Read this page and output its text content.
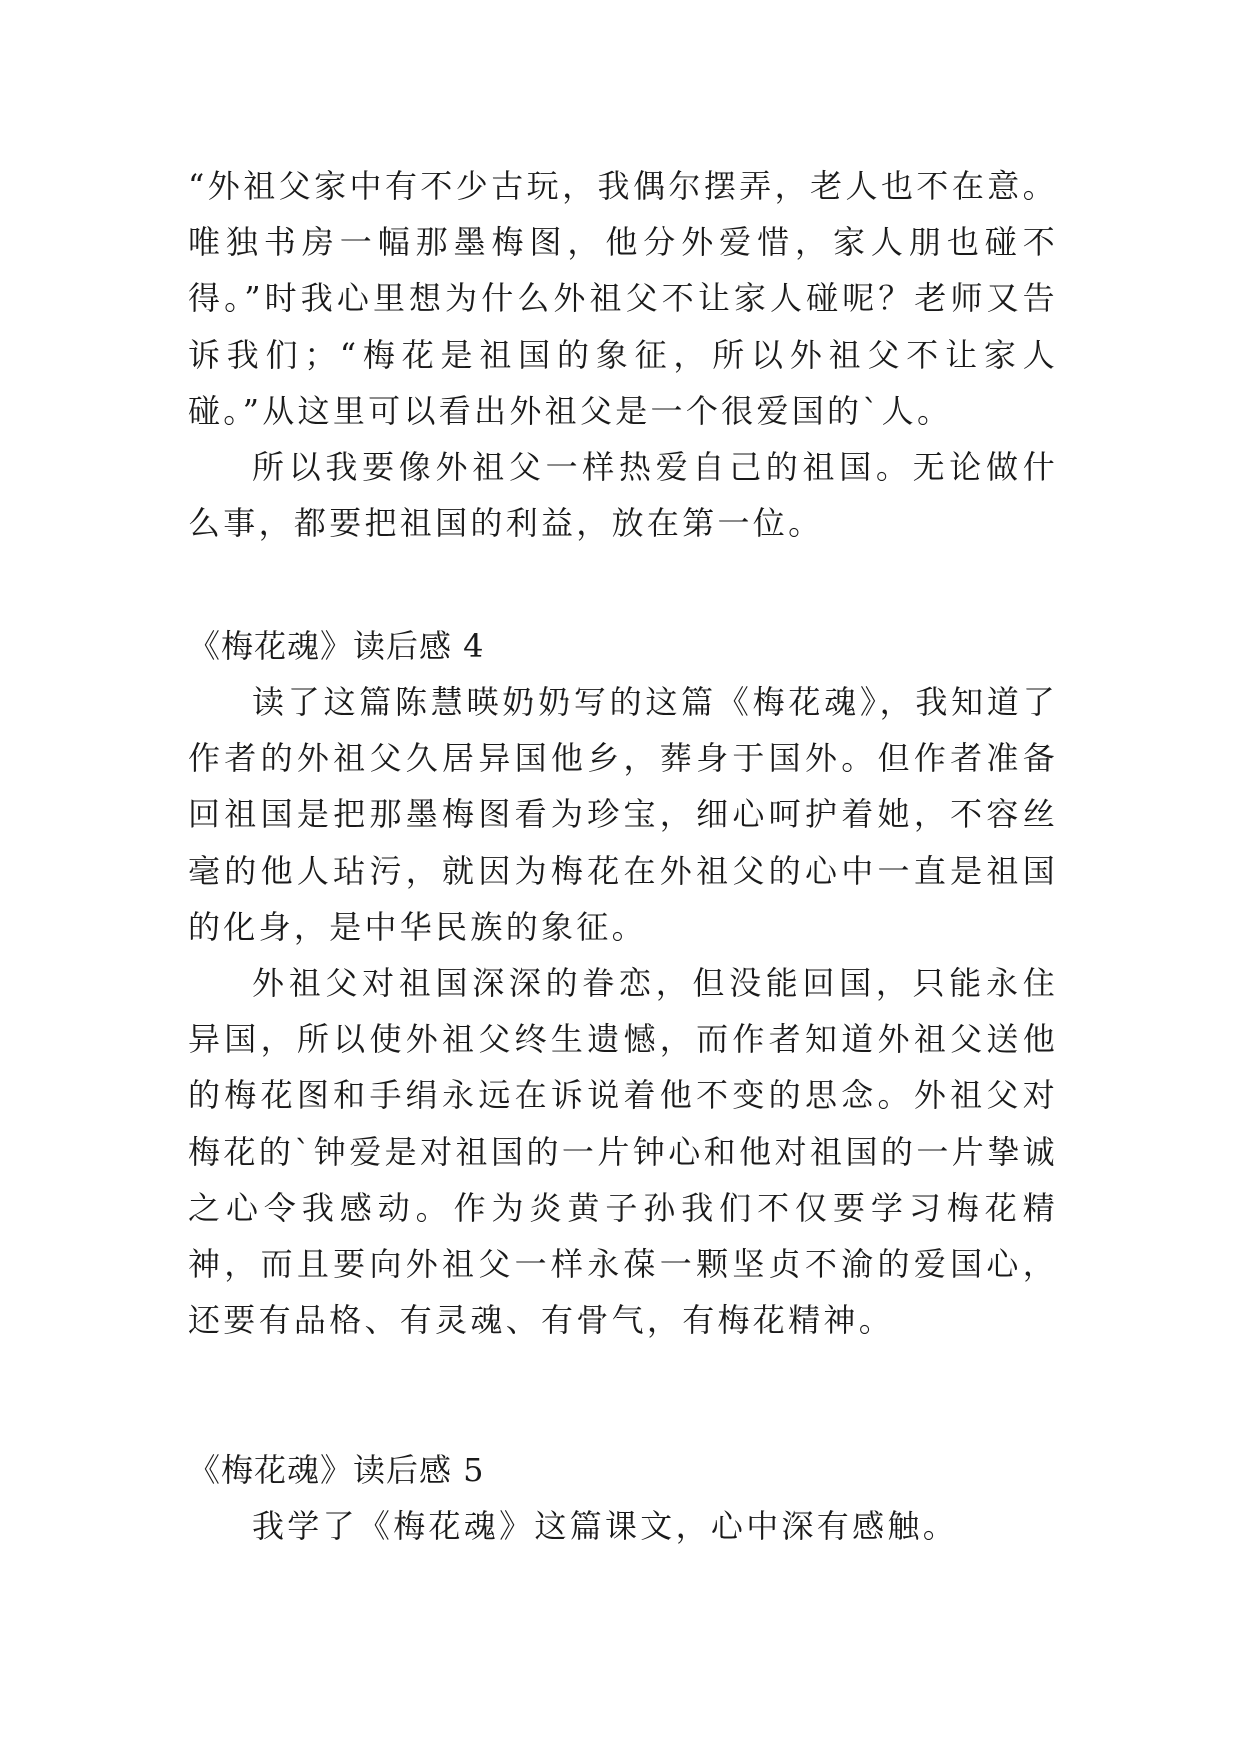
“外祖父家中有不少古玩，我偶尔摆弄，老人也不在意。唯独书房一幅那墨梅图，他分外爱惜，家人朋也碰不得。”时我心里想为什么外祖父不让家人碰呢？老师又告诉我们；“梅花是祖国的象征，所以外祖父不让家人碰。”从这里可以看出外祖父是一个很爱国的`人。

所以我要像外祖父一样热爱自己的祖国。无论做什么事，都要把祖国的利益，放在第一位。

《梅花魂》读后感 4

读了这篇陈慧暎奶奶写的这篇《梅花魂》，我知道了作者的外祖父久居异国他乡，葬身于国外。但作者准备回祖国是把那墨梅图看为珍宝，细心呵护着她，不容丝毫的他人玷污，就因为梅花在外祖父的心中一直是祖国的化身，是中华民族的象征。

外祖父对祖国深深的眷恋，但没能回国，只能永住异国，所以使外祖父终生遗憾，而作者知道外祖父送他的梅花图和手绢永远在诉说着他不变的思念。外祖父对梅花的`钟爱是对祖国的一片钟心和他对祖国的一片挚诚之心令我感动。作为炎黄子孙我们不仅要学习梅花精神，而且要向外祖父一样永葆一颗坚贞不渝的爱国心，还要有品格、有灵魂、有骨气，有梅花精神。

《梅花魂》读后感 5

我学了《梅花魂》这篇课文，心中深有感触。
